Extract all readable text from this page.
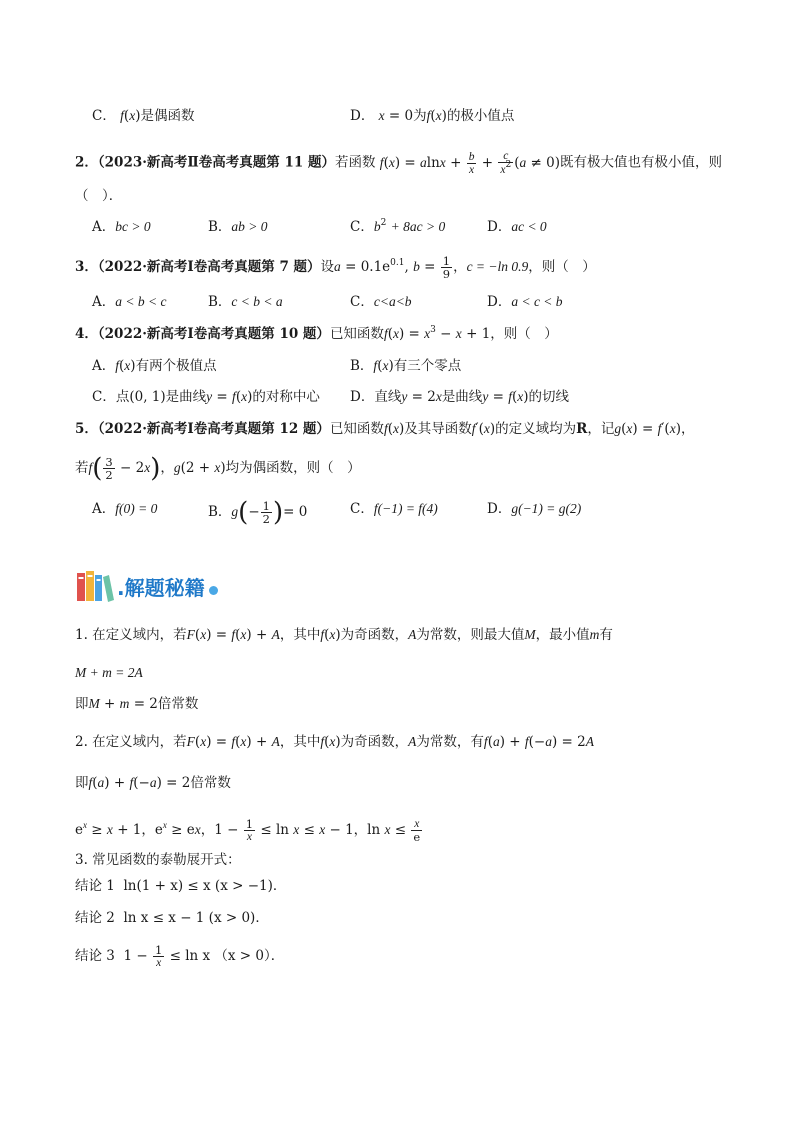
C． f(x)是偶函数	D． x = 0为f(x)的极小值点
2．（2023·新高考Ⅱ卷高考真题第 11 题）若函数 $f(x) = alnx + \frac{b}{x} + \frac{c}{x^2} (a \ne 0)$既有极大值也有极小值，则
（　）．
A．bc > 0	B．ab > 0	C．$b^2 + 8ac > 0$	D．ac < 0
3．（2022·新高考Ⅰ卷高考真题第 7 题）设$a = 0.1e^{0.1}$, $b = \frac{1}{9}$ ，c = −ln 0.9，则（　）
A．a < b < c	B．c < b < a	C．c<a<b	D．a < c < b
4．（2022·新高考Ⅰ卷高考真题第 10 题）已知函数$f(x) = x^3 - x + 1$，则（　）
A．f(x)有两个极值点	B．f(x)有三个零点
C．点(0, 1)是曲线y = f(x)的对称中心 D．直线y = 2x是曲线y = f(x)的切线
5．（2022·新高考Ⅰ卷高考真题第 12 题）已知函数f(x)及其导函数f′(x)的定义域均为R，记g(x) = f′(x)，
若$f( \frac{3}{2} - 2x)$，g(2 + x)均为偶函数，则（　）
A．f(0) = 0	B．$g(- \frac{1}{2}$ )= 0	C．f(−1) = f(4)	D．g(−1) = g(2)
.解题秘籍
1. 在定义域内，若F(x) = f(x) + A，其中f(x)为奇函数，A为常数，则最大值M，最小值m有
M + m = 2A
即M + m = 2倍常数
2. 在定义域内，若F(x) = f(x) + A，其中f(x)为奇函数，A为常数，有f(a) + f(−a) = 2A
即f(a) + f(−a) = 2倍常数
$e^x \ge x + 1$，$e^x$ ≥ ex，$1 - \frac{1}{x} \le \ln x \le x - 1$，$\ln x \le \frac{x}{e}$
3. 常见函数的泰勒展开式：
结论 1 ln(1 + x) ≤ x (x > −1)．
结论 2 ln x ≤ x − 1 (x > 0)．
结论 3  $1 - \frac{1}{x} \le \ln x$ （x > 0）．
